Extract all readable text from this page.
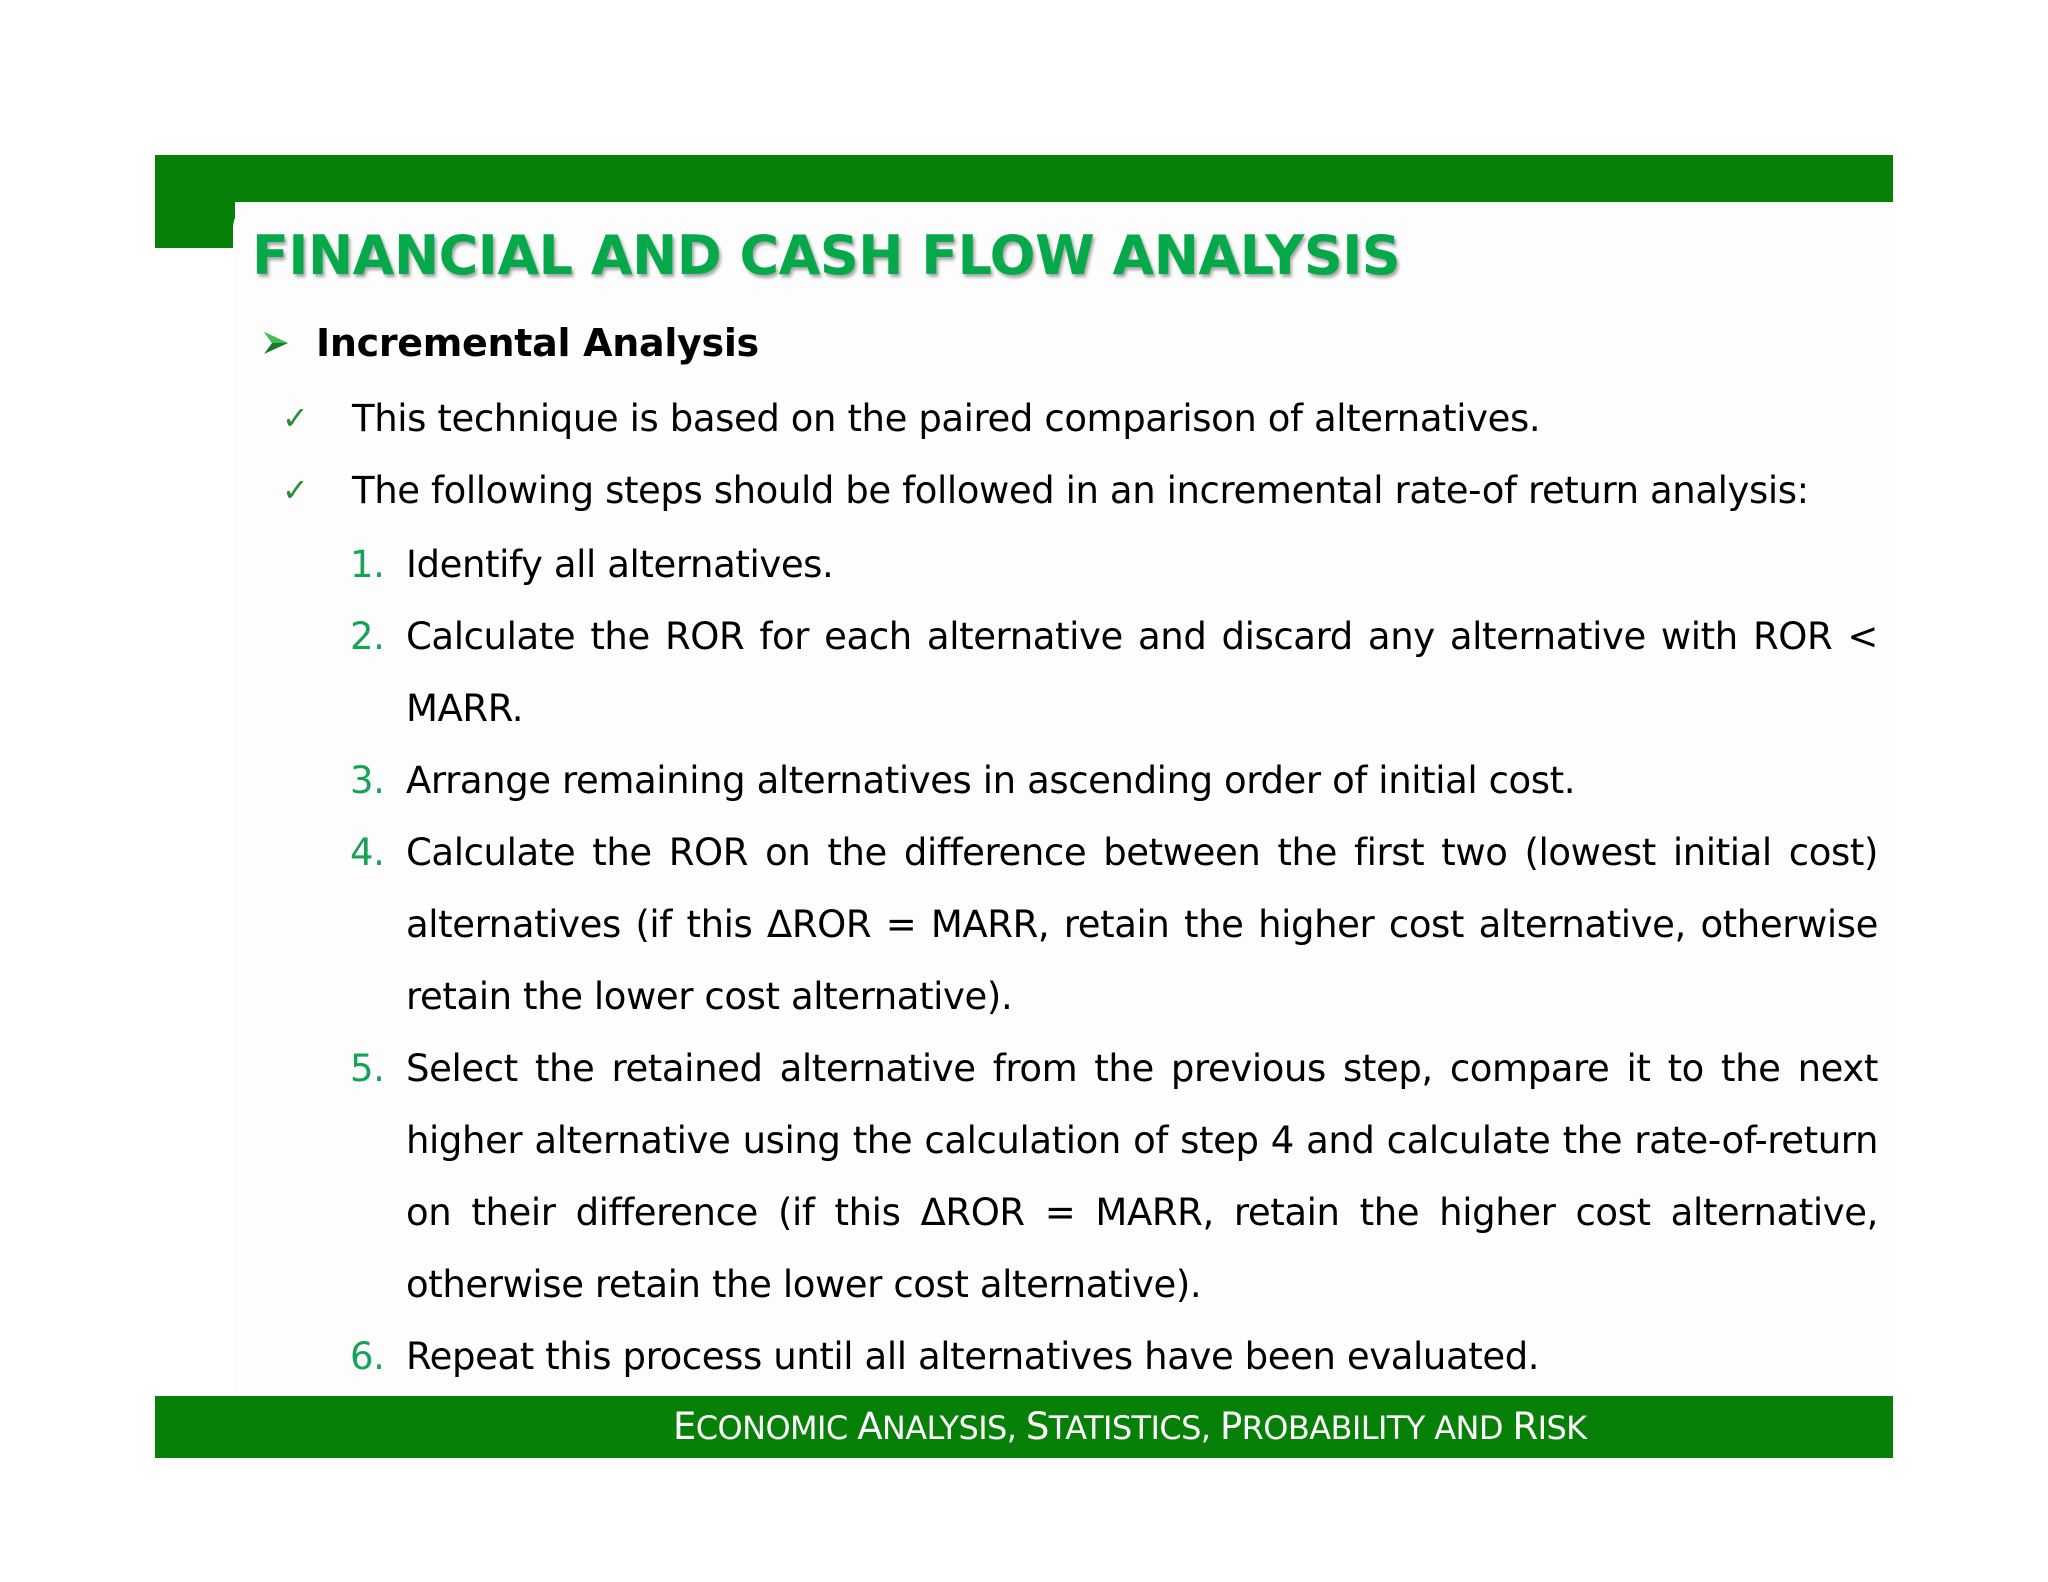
FINANCIAL AND CASH FLOW ANALYSIS
Incremental Analysis
✓ This technique is based on the paired comparison of alternatives.
✓ The following steps should be followed in an incremental rate-of return analysis:
1. Identify all alternatives.
2. Calculate the ROR for each alternative and discard any alternative with ROR < MARR.
3. Arrange remaining alternatives in ascending order of initial cost.
4. Calculate the ROR on the difference between the first two (lowest initial cost) alternatives (if this ΔROR = MARR, retain the higher cost alternative, otherwise retain the lower cost alternative).
5. Select the retained alternative from the previous step, compare it to the next higher alternative using the calculation of step 4 and calculate the rate-of-return on their difference (if this ΔROR = MARR, retain the higher cost alternative, otherwise retain the lower cost alternative).
6. Repeat this process until all alternatives have been evaluated.
ECONOMIC ANALYSIS, STATISTICS, PROBABILITY AND RISK
